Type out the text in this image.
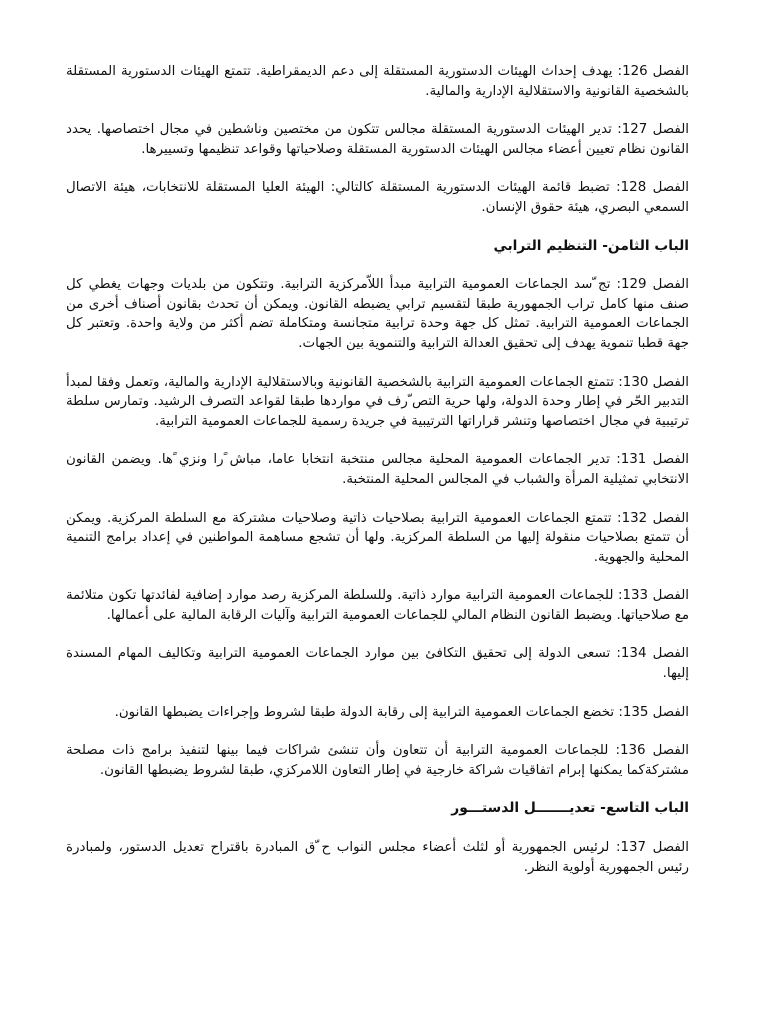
الفصل 126: يهدف إحداث الهيئات الدستورية المستقلة إلى دعم الديمقراطية. تتمتع الهيئات الدستورية المستقلة بالشخصية القانونية والاستقلالية الإدارية والمالية.

الفصل 127: تدير الهيئات الدستورية المستقلة مجالس تتكون من مختصين وناشطين في مجال اختصاصها. يحدد القانون نظام تعيين أعضاء مجالس الهيئات الدستورية المستقلة وصلاحياتها وقواعد تنظيمها وتسييرها.

الفصل 128: تضبط قائمة الهيئات الدستورية المستقلة كالتالي: الهيئة العليا المستقلة للانتخابات، هيئة الاتصال السمعي البصري، هيئة حقوق الإنسان.

الباب الثامن- التنظيم الترابي

الفصل 129: تج ّسد الجماعات العمومية الترابية مبدأ اللاّمركزية الترابية. وتتكون من بلديات وجهات يغطي كل صنف منها كامل تراب الجمهورية طبقا لتقسيم ترابي يضبطه القانون. ويمكن أن تحدث بقانون أصناف أخرى من الجماعات العمومية الترابية. تمثل كل جهة وحدة ترابية متجانسة ومتكاملة تضم أكثر من ولاية واحدة. وتعتبر كل جهة قطبا تنموية يهدف إلى تحقيق العدالة الترابية والتنموية بين الجهات.

الفصل 130: تتمتع الجماعات العمومية الترابية بالشخصية القانونية وبالاستقلالية الإدارية والمالية، وتعمل وفقا لمبدأ التدبير الحّر في إطار وحدة الدولة، ولها حرية التص ّرف في مواردها طبقا لقواعد التصرف الرشيد. وتمارس سلطة ترتيبية في مجال اختصاصها وتنشر قراراتها الترتيبية في جريدة رسمية للجماعات العمومية الترابية.

الفصل 131: تدير الجماعات العمومية المحلية مجالس منتخبة انتخابا عاما، مباش ًرا ونزي ًها. ويضمن القانون الانتخابي تمثيلية المرأة والشباب في المجالس المحلية المنتخبة.

الفصل 132: تتمتع الجماعات العمومية الترابية بصلاحيات ذاتية وصلاحيات مشتركة مع السلطة المركزية. ويمكن أن تتمتع بصلاحيات منقولة إليها من السلطة المركزية. ولها أن تشجع مساهمة المواطنين في إعداد برامج التنمية المحلية والجهوية.

الفصل 133: للجماعات العمومية الترابية موارد ذاتية. وللسلطة المركزية رصد موارد إضافية لفائدتها تكون متلائمة مع صلاحياتها. ويضبط القانون النظام المالي للجماعات العمومية الترابية وآليات الرقابة المالية على أعمالها.

الفصل 134: تسعى الدولة إلى تحقيق التكافئ بين موارد الجماعات العمومية الترابية وتكاليف المهام المسندة إليها.

الفصل 135: تخضع الجماعات العمومية الترابية إلى رقابة الدولة طبقا لشروط وإجراءات يضبطها القانون.

الفصل 136: للجماعات العمومية الترابية أن تتعاون وأن تنشئ شراكات فيما بينها لتنفيذ برامج ذات مصلحة مشتركةكما يمكنها إبرام اتفاقيات شراكة خارجية في إطار التعاون اللامركزي، طبقا لشروط يضبطها القانون.

الباب التاسع- تعديـــــــل الدستـــور

الفصل 137: لرئيس الجمهورية أو لثلث أعضاء مجلس النواب ح ّق المبادرة باقتراح تعديل الدستور، ولمبادرة رئيس الجمهورية أولوية النظر.
